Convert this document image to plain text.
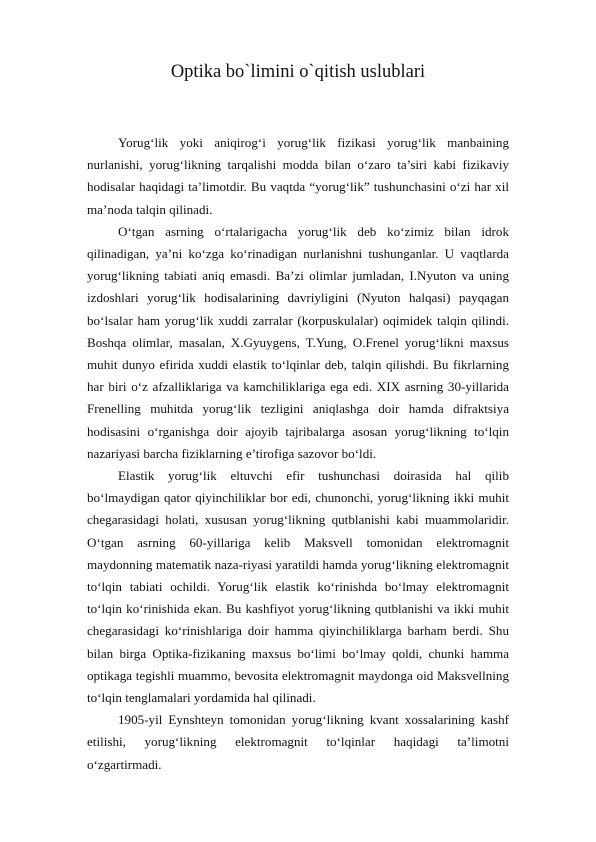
Optika bo`limini o`qitish uslublari

Yorug‘lik yoki aniqirog‘i yorug‘lik fizikasi yorug‘lik manbaining nurlanishi, yorug‘likning tarqalishi modda bilan o‘zaro ta’siri kabi fizikaviy hodisalar haqidagi ta’limotdir. Bu vaqtda “yorug‘lik” tushunchasini o‘zi har xil ma’noda talqin qilinadi.

O‘tgan asrning o‘rtalarigacha yorug‘lik deb ko‘zimiz bilan idrok qilinadigan, ya’ni ko‘zga ko‘rinadigan nurlanishni tushunganlar. U vaqtlarda yorug‘likning tabiati aniq emasdi. Ba’zi olimlar jumladan, I.Nyuton va uning izdoshlari yorug‘lik hodisalarining davriyligini (Nyuton halqasi) payqagan bo‘lsalar ham yorug‘lik xuddi zarralar (korpuskulalar) oqimidek talqin qilindi. Boshqa olimlar, masalan, X.Gyuygens, T.Yung, O.Frenel yorug‘likni maxsus muhit dunyo efirida xuddi elastik to‘lqinlar deb, talqin qilishdi. Bu fikrlarning har biri o‘z afzalliklariga va kamchiliklariga ega edi. XIX asrning 30-yillarida Frenelling muhitda yorug‘lik tezligini aniqlashga doir hamda difraktsiya hodisasini o‘rganishga doir ajoyib tajribalarga asosan yorug‘likning to‘lqin nazariyasi barcha fiziklarning e’tirofiga sazovor bo‘ldi.

Elastik yorug‘lik eltuvchi efir tushunchasi doirasida hal qilib bo‘lmaydigan qator qiyinchiliklar bor edi, chunonchi, yorug‘likning ikki muhit chegarasidagi holati, xususan yorug‘likning qutblanishi kabi muammolaridir. O‘tgan asrning 60-yillariga kelib Maksvell tomonidan elektromagnit maydonning matematik naza-riyasi yaratildi hamda yorug‘likning elektromagnit to‘lqin tabiati ochildi. Yorug‘lik elastik ko‘rinishda bo‘lmay elektromagnit to‘lqin ko‘rinishida ekan. Bu kashfiyot yorug‘likning qutblanishi va ikki muhit chegarasidagi ko‘rinishlariga doir hamma qiyinchiliklarga barham berdi. Shu bilan birga Optika-fizikaning maxsus bo‘limi bo‘lmay qoldi, chunki hamma optikaga tegishli muammo, bevosita elektromagnit maydonga oid Maksvellning to‘lqin tenglamalari yordamida hal qilinadi.

1905-yil Eynshteyn tomonidan yorug‘likning kvant xossalarining kashf etilishi, yorug‘likning elektromagnit to‘lqinlar haqidagi ta’limotni o‘zgartirmadi.
